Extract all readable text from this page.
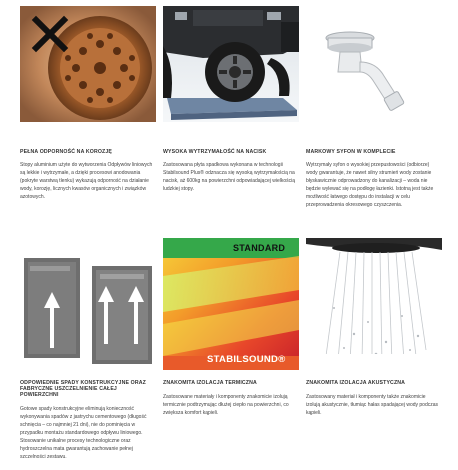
PEŁNA ODPORNOŚĆ NA KOROZJĘ
Stopy aluminium użyte do wytworzenia Odpływów liniowych są lekkie i wytrzymałe, a dzięki procesowi anodowania (pokryte warstwą tlenku) wykazują odporność na działanie wody, korozję, licznych kwasów organicznych i związków azotowych.
WYSOKA WYTRZYMAŁOŚĆ NA NACISK
Zastosowana płyta spadkowa wykonana w technologii Stabilsound Plus® odznacza się wysoką wytrzymałością na nacisk, aż 600kg na powierzchni odpowiadającej wielkością ludzkiej stopy.
MARKOWY SYFON W KOMPLECIE
Wytrzymały syfon o wysokiej przepustowości (odbiorze) wody gwarantuje, że nawet silny strumień wody zostanie błyskawicznie odprowadzony do kanalizacji – woda nie będzie wylewać się na podłogę łazienki. Istotną jest także możliwość łatwego dostępu do instalacji w celu przeprowadzenia okresowego czyszczenia.
ODPOWIEDNIE SPADY KONSTRUKCYJNE ORAZ FABRYCZNE USZCZELNIENIE CAŁEJ POWIERZCHNI
Gotowe spady konstrukcyjne eliminują konieczność wykonywania spadów z jastrychu cementowego (długość schnięcia – co najmniej 21 dni), nie do pominięcia w przypadku montażu standardowego odpływu liniowego. Stosowanie unikalne procesy technologiczne oraz hydroszczelna mata gwarantują zachowanie pełnej szczelności zestawu.
STANDARD
STABILSOUND®
ZNAKOMITA IZOLACJA TERMICZNA
Zastosowane materiały i komponenty znakomicie izolują termicznie podtrzymując dłużej ciepło na powierzchni, co zwiększa komfort kąpieli.
ZNAKOMITA IZOLACJA AKUSTYCZNA
Zastosowany materiał i komponenty także znakomicie izolują akustycznie, tłumiąc hałas spadającej wody podczas kąpieli.
